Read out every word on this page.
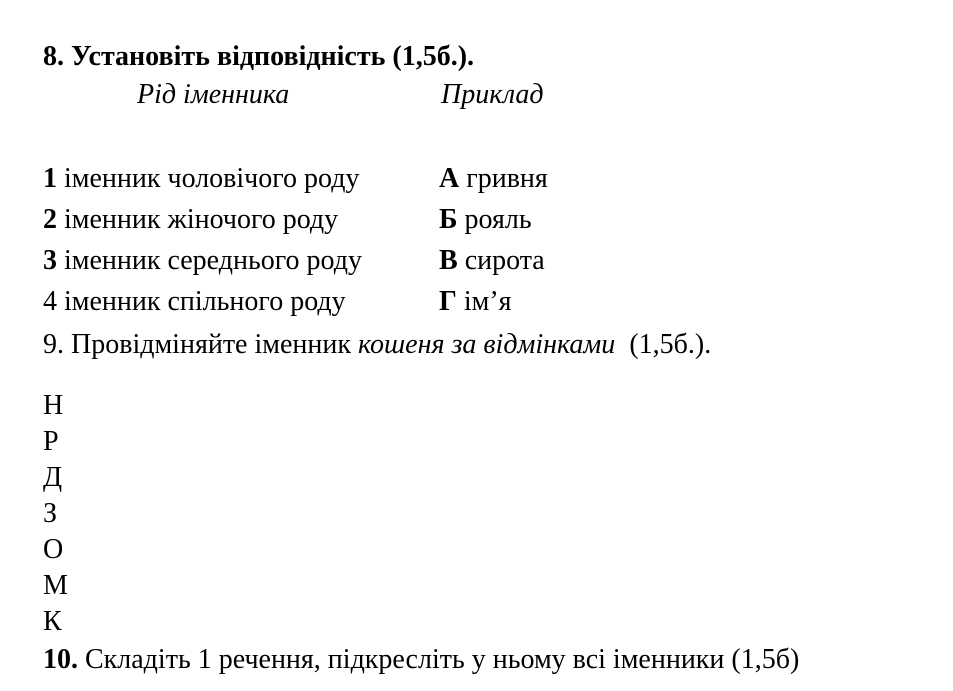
8. Установіть відповідність (1,5б.).
Рід іменника	Приклад
1 іменник чоловічого роду	А гривня
2 іменник жіночого роду	Б рояль
3 іменник середнього роду	В сирота
4 іменник спільного роду	Г ім’я
9. Провідміняйте іменник кошеня за відмінками  (1,5б.).
Н
Р
Д
З
О
М
К
10. Складіть 1 речення, підкресліть у ньому всі іменники (1,5б)
